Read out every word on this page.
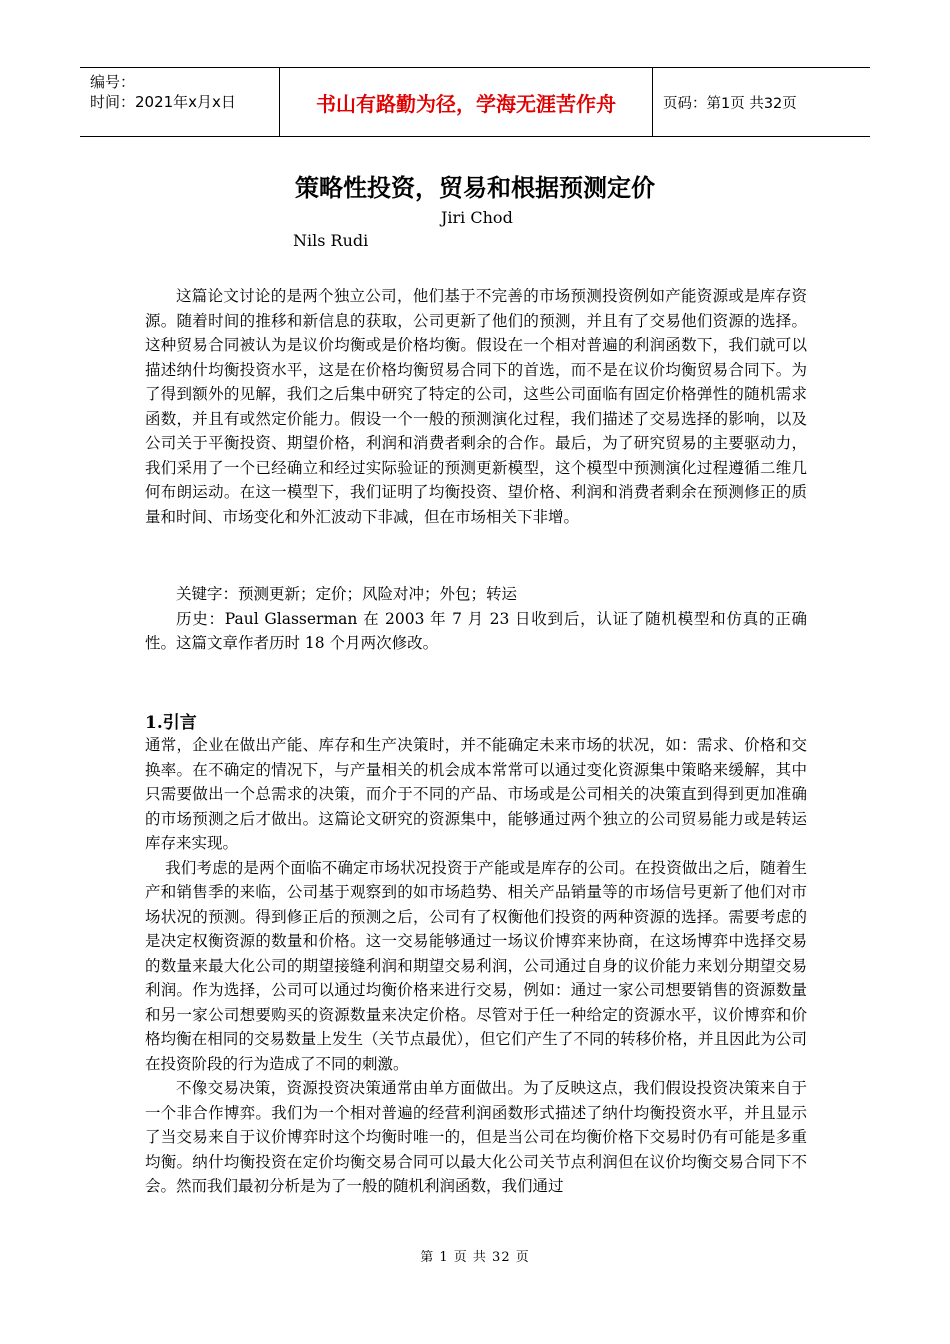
编号：
时间：2021年x月x日	书山有路勤为径，学海无涯苦作舟	页码：第1页 共32页
策略性投资，贸易和根据预测定价
Jiri Chod
Nils Rudi

这篇论文讨论的是两个独立公司，他们基于不完善的市场预测投资例如产能资源或是库存资源。随着时间的推移和新信息的获取，公司更新了他们的预测，并且有了交易他们资源的选择。这种贸易合同被认为是议价均衡或是价格均衡。假设在一个相对普遍的利润函数下，我们就可以描述纳什均衡投资水平，这是在价格均衡贸易合同下的首选，而不是在议价均衡贸易合同下。为了得到额外的见解，我们之后集中研究了特定的公司，这些公司面临有固定价格弹性的随机需求函数，并且有或然定价能力。假设一个一般的预测演化过程，我们描述了交易选择的影响，以及公司关于平衡投资、期望价格，利润和消费者剩余的合作。最后，为了研究贸易的主要驱动力，我们采用了一个已经确立和经过实际验证的预测更新模型，这个模型中预测演化过程遵循二维几何布朗运动。在这一模型下，我们证明了均衡投资、望价格、利润和消费者剩余在预测修正的质量和时间、市场变化和外汇波动下非减，但在市场相关下非增。

关键字：预测更新；定价；风险对冲；外包；转运

历史：Paul Glasserman 在 2003 年 7 月 23 日收到后，认证了随机模型和仿真的正确性。这篇文章作者历时 18 个月两次修改。

1.引言

通常，企业在做出产能、库存和生产决策时，并不能确定未来市场的状况，如：需求、价格和交换率。在不确定的情况下，与产量相关的机会成本常常可以通过变化资源集中策略来缓解，其中只需要做出一个总需求的决策，而介于不同的产品、市场或是公司相关的决策直到得到更加准确的市场预测之后才做出。这篇论文研究的资源集中，能够通过两个独立的公司贸易能力或是转运库存来实现。

我们考虑的是两个面临不确定市场状况投资于产能或是库存的公司。在投资做出之后，随着生产和销售季的来临，公司基于观察到的如市场趋势、相关产品销量等的市场信号更新了他们对市场状况的预测。得到修正后的预测之后，公司有了权衡他们投资的两种资源的选择。需要考虑的是决定权衡资源的数量和价格。这一交易能够通过一场议价博弈来协商，在这场博弈中选择交易的数量来最大化公司的期望接缝利润和期望交易利润，公司通过自身的议价能力来划分期望交易利润。作为选择，公司可以通过均衡价格来进行交易，例如：通过一家公司想要销售的资源数量和另一家公司想要购买的资源数量来决定价格。尽管对于任一种给定的资源水平，议价博弈和价格均衡在相同的交易数量上发生（关节点最优），但它们产生了不同的转移价格，并且因此为公司在投资阶段的行为造成了不同的刺激。

不像交易决策，资源投资决策通常由单方面做出。为了反映这点，我们假设投资决策来自于一个非合作博弈。我们为一个相对普遍的经营利润函数形式描述了纳什均衡投资水平，并且显示了当交易来自于议价博弈时这个均衡时唯一的，但是当公司在均衡价格下交易时仍有可能是多重均衡。纳什均衡投资在定价均衡交易合同可以最大化公司关节点利润但在议价均衡交易合同下不会。然而我们最初分析是为了一般的随机利润函数，我们通过

第 1 页 共 32 页
